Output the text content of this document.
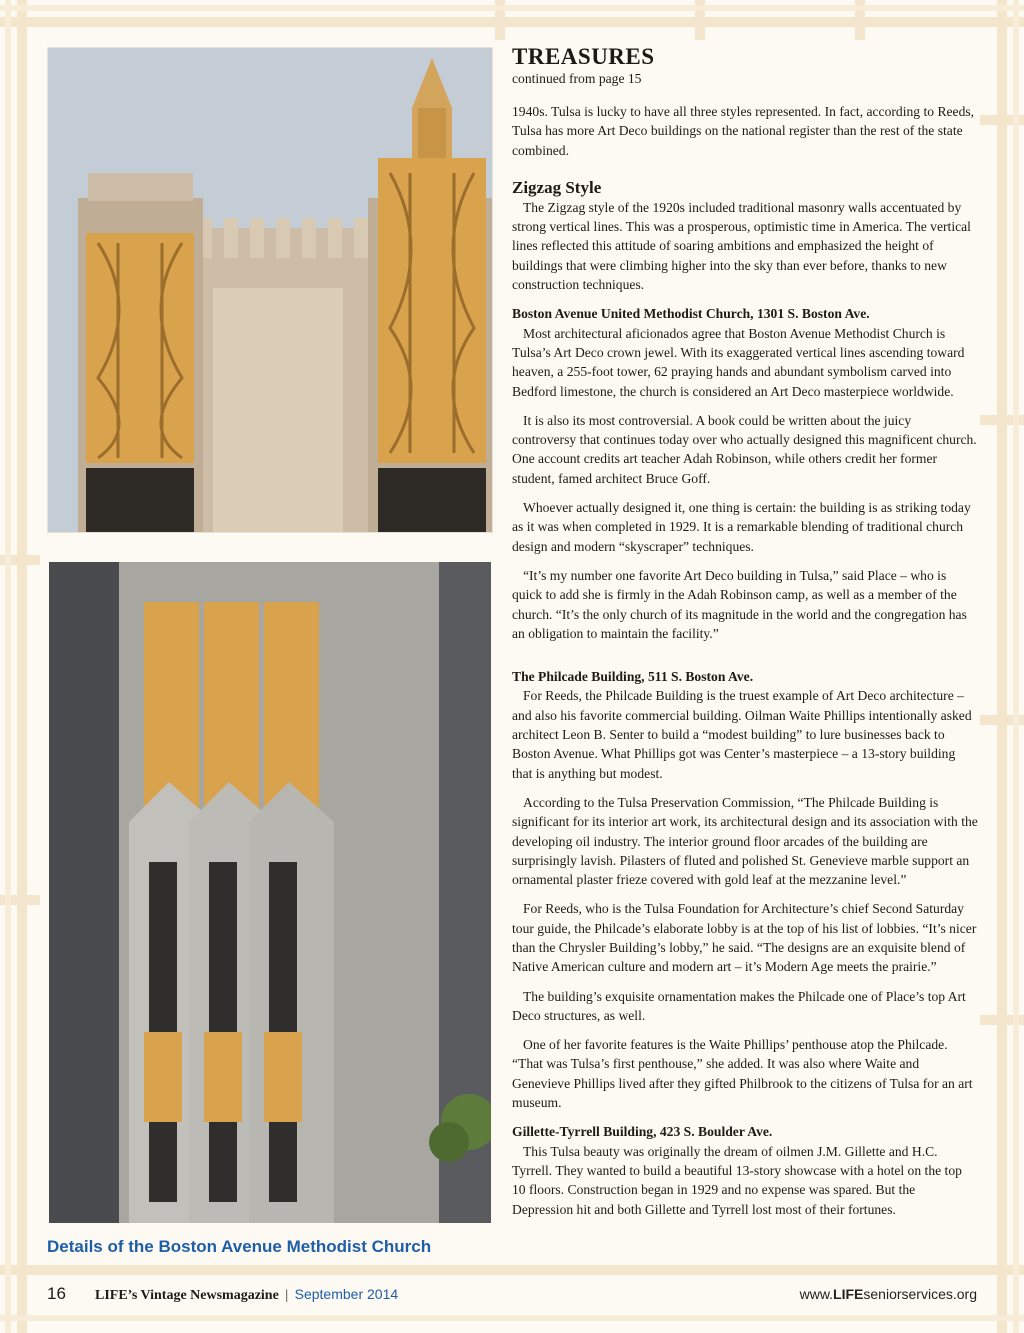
Details of the Boston Avenue Methodist Church
TREASURES
continued from page 15

1940s. Tulsa is lucky to have all three styles represented. In fact, according to Reeds, Tulsa has more Art Deco buildings on the national register than the rest of the state combined.

Zigzag Style

The Zigzag style of the 1920s included traditional masonry walls accentuated by strong vertical lines. This was a prosperous, optimistic time in America. The vertical lines reflected this attitude of soaring ambitions and emphasized the height of buildings that were climbing higher into the sky than ever before, thanks to new construction techniques.

Boston Avenue United Methodist Church, 1301 S. Boston Ave.

Most architectural aficionados agree that Boston Avenue Methodist Church is Tulsa’s Art Deco crown jewel. With its exaggerated vertical lines ascending toward heaven, a 255-foot tower, 62 praying hands and abundant symbolism carved into Bedford limestone, the church is considered an Art Deco masterpiece worldwide.

It is also its most controversial. A book could be written about the juicy controversy that continues today over who actually designed this magnificent church. One account credits art teacher Adah Robinson, while others credit her former student, famed architect Bruce Goff.

Whoever actually designed it, one thing is certain: the building is as striking today as it was when completed in 1929. It is a remarkable blending of traditional church design and modern “skyscraper” techniques.

“It’s my number one favorite Art Deco building in Tulsa,” said Place – who is quick to add she is firmly in the Adah Robinson camp, as well as a member of the church. “It’s the only church of its magnitude in the world and the congregation has an obligation to maintain the facility.”

The Philcade Building, 511 S. Boston Ave.

For Reeds, the Philcade Building is the truest example of Art Deco architecture – and also his favorite commercial building. Oilman Waite Phillips intentionally asked architect Leon B. Senter to build a “modest building” to lure businesses back to Boston Avenue. What Phillips got was Center’s masterpiece – a 13-story building that is anything but modest.

According to the Tulsa Preservation Commission, “The Philcade Building is significant for its interior art work, its architectural design and its association with the developing oil industry. The interior ground floor arcades of the building are surprisingly lavish. Pilasters of fluted and polished St. Genevieve marble support an ornamental plaster frieze covered with gold leaf at the mezzanine level.”

For Reeds, who is the Tulsa Foundation for Architecture’s chief Second Saturday tour guide, the Philcade’s elaborate lobby is at the top of his list of lobbies. “It’s nicer than the Chrysler Building’s lobby,” he said. “The designs are an exquisite blend of Native American culture and modern art – it’s Modern Age meets the prairie.”

The building’s exquisite ornamentation makes the Philcade one of Place’s top Art Deco structures, as well.

One of her favorite features is the Waite Phillips’ penthouse atop the Philcade. “That was Tulsa’s first penthouse,” she added. It was also where Waite and Genevieve Phillips lived after they gifted Philbrook to the citizens of Tulsa for an art museum.

Gillette-Tyrrell Building, 423 S. Boulder Ave.

This Tulsa beauty was originally the dream of oilmen J.M. Gillette and H.C. Tyrrell. They wanted to build a beautiful 13-story showcase with a hotel on the top 10 floors. Construction began in 1929 and no expense was spared. But the Depression hit and both Gillette and Tyrrell lost most of their fortunes.

16 LIFE’s Vintage Newsmagazine | September 2014	www.LIFEseniorservices.org
